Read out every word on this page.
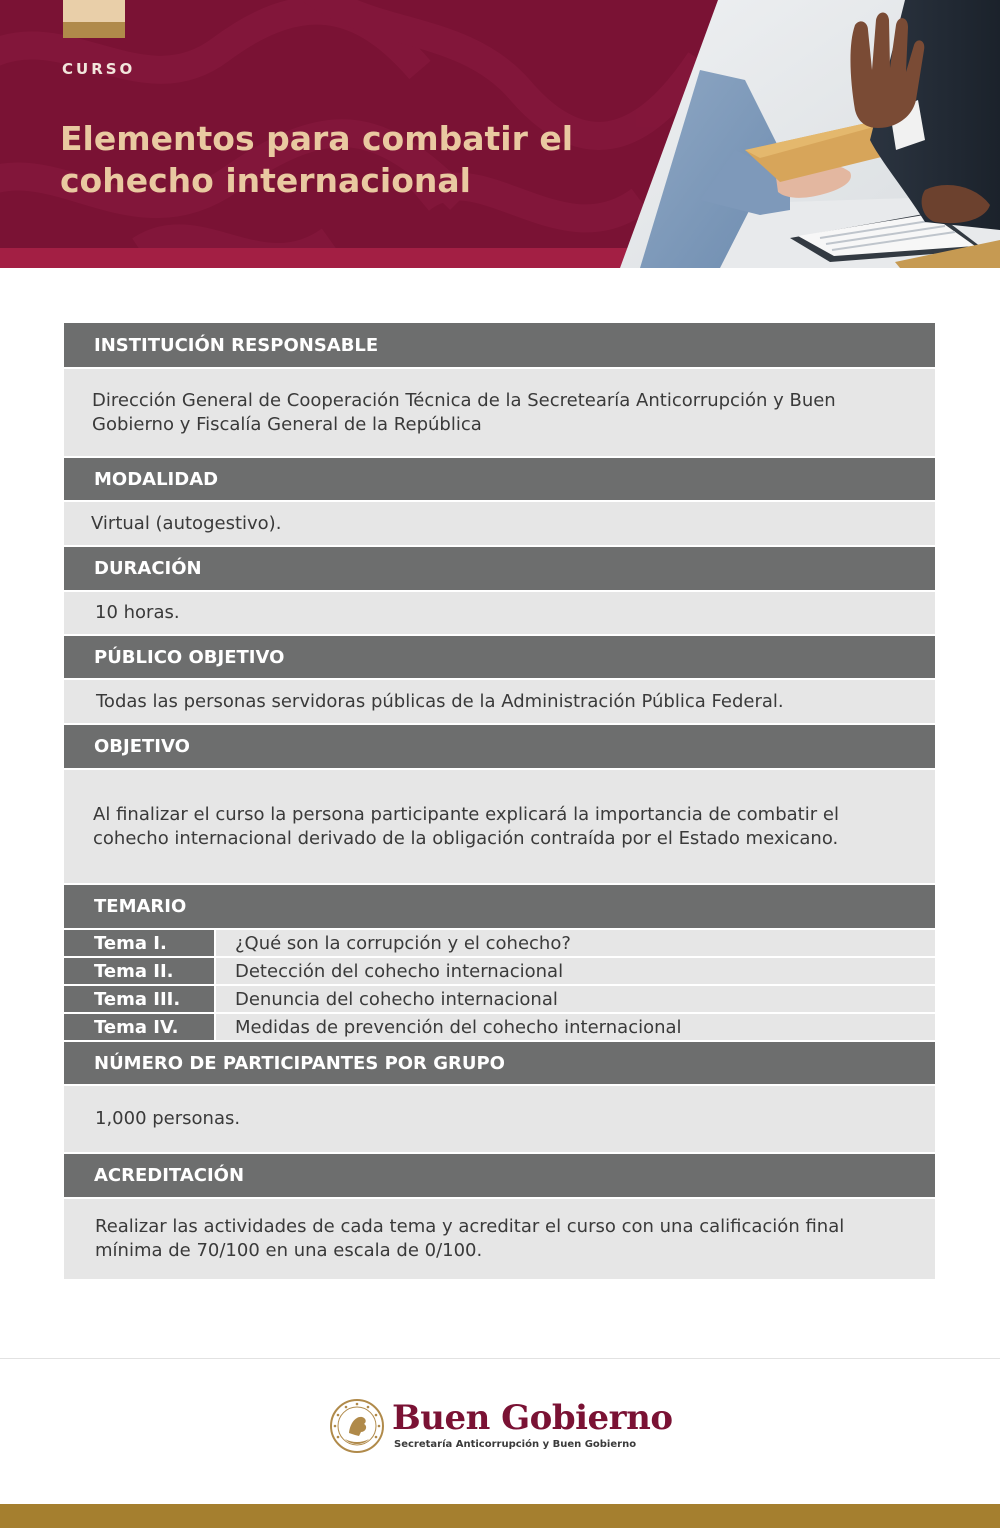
CURSO
Elementos para combatir el cohecho internacional
INSTITUCIÓN RESPONSABLE
Dirección General de Cooperación Técnica de la Secretearía Anticorrupción y Buen Gobierno y Fiscalía General de la República
MODALIDAD
Virtual (autogestivo).
DURACIÓN
10 horas.
PÚBLICO OBJETIVO
Todas las personas servidoras públicas de la Administración Pública Federal.
OBJETIVO
Al finalizar el curso la persona participante explicará la importancia de combatir el cohecho internacional derivado de la obligación contraída por el Estado mexicano.
TEMARIO
Tema I.	¿Qué son la corrupción y el cohecho?
Tema II.	Detección del cohecho internacional
Tema III.	Denuncia del cohecho internacional
Tema IV.	Medidas de prevención del cohecho internacional
NÚMERO DE PARTICIPANTES POR GRUPO
1,000 personas.
ACREDITACIÓN
Realizar las actividades de cada tema y acreditar el curso con una calificación final mínima de 70/100 en una escala de 0/100.
Buen Gobierno
Secretaría Anticorrupción y Buen Gobierno
